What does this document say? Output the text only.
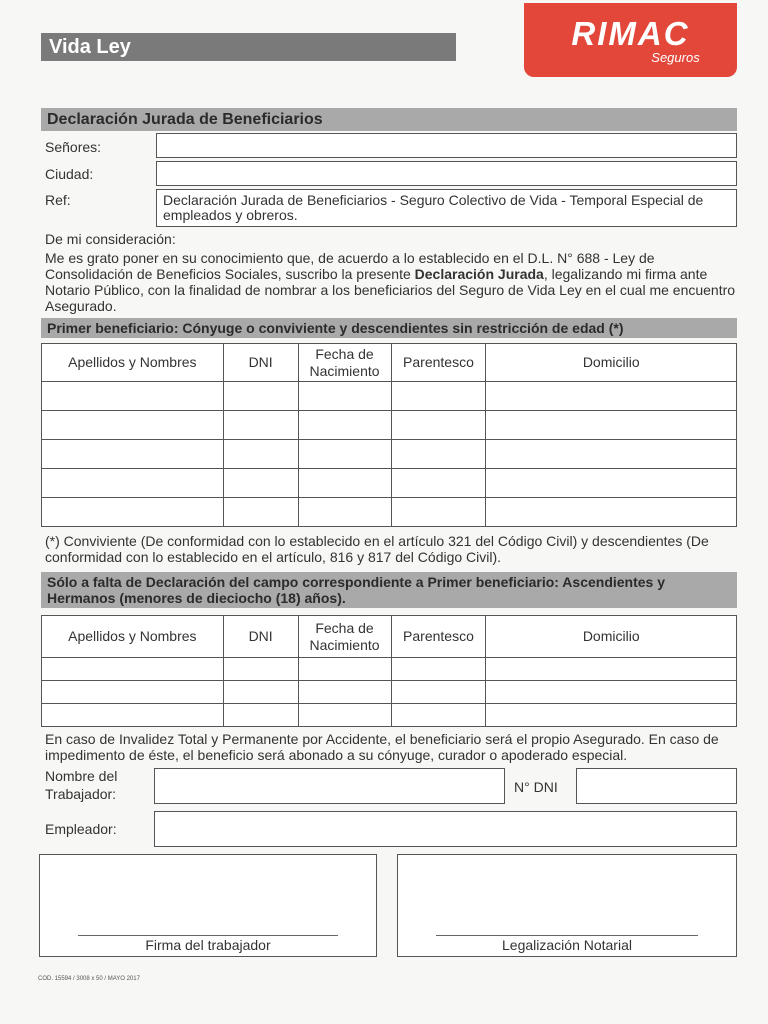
Vida Ley	RIMAC
Seguros
Declaración Jurada de Beneficiarios
Señores:
Ciudad:
Ref:	Declaración Jurada de Beneficiarios - Seguro Colectivo de Vida - Temporal Especial de empleados y obreros.
De mi consideración:
Me es grato poner en su conocimiento que, de acuerdo a lo establecido en el D.L. N° 688 - Ley de Consolidación de Beneficios Sociales, suscribo la presente Declaración Jurada, legalizando mi firma ante Notario Público, con la finalidad de nombrar a los beneficiarios del Seguro de Vida Ley en el cual me encuentro Asegurado.
Primer beneficiario: Cónyuge o conviviente y descendientes sin restricción de edad (*)
Apellidos y Nombres	DNI	Fecha de Nacimiento	Parentesco	Domicilio

(*) Conviviente (De conformidad con lo establecido en el artículo 321 del Código Civil) y descendientes (De conformidad con lo establecido en el artículo, 816 y 817 del Código Civil).
Sólo a falta de Declaración del campo correspondiente a Primer beneficiario: Ascendientes y Hermanos (menores de dieciocho (18) años).
Apellidos y Nombres	DNI	Fecha de Nacimiento	Parentesco	Domicilio

En caso de Invalidez Total y Permanente por Accidente, el beneficiario será el propio Asegurado. En caso de impedimento de éste, el beneficio será abonado a su cónyuge, curador o apoderado especial.
Nombre del Trabajador:	N° DNI
Empleador:
Firma del trabajador	Legalización Notarial
COD. 15594 / 3008 x 50 / MAYO 2017
